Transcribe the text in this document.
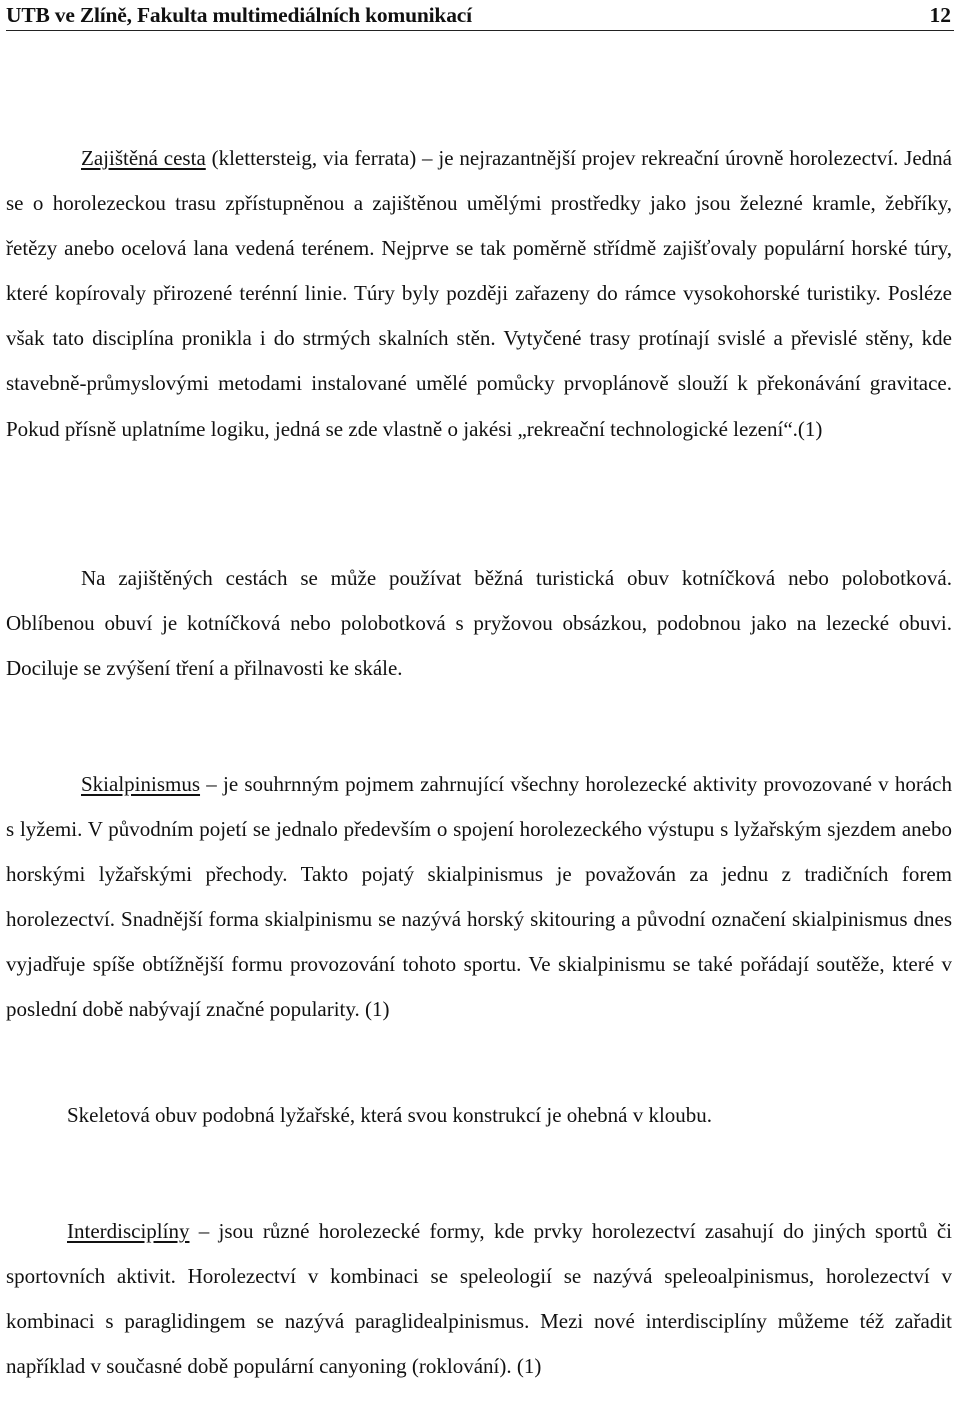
UTB ve Zlíně, Fakulta multimediálních komunikací	12

Zajištěná cesta (klettersteig, via ferrata) – je nejrazantnější projev rekreační úrovně horolezectví. Jedná se o horolezeckou trasu zpřístupněnou a zajištěnou umělými prostředky jako jsou železné kramle, žebříky, řetězy anebo ocelová lana vedená terénem. Nejprve se tak poměrně střídmě zajišťovaly populární horské túry, které kopírovaly přirozené terénní linie. Túry byly později zařazeny do rámce vysokohorské turistiky. Posléze však tato disciplína pronikla i do strmých skalních stěn. Vytyčené trasy protínají svislé a převislé stěny, kde stavebně-průmyslovými metodami instalované umělé pomůcky prvoplánově slouží k překonávání gravitace. Pokud přísně uplatníme logiku, jedná se zde vlastně o jakési „rekreační technologické lezení“.(1)

Na zajištěných cestách se může používat běžná turistická obuv kotníčková nebo polobotková. Oblíbenou obuví je kotníčková nebo polobotková s pryžovou obsázkou, podobnou jako na lezecké obuvi. Dociluje se zvýšení tření a přilnavosti ke skále.

Skialpinismus – je souhrnným pojmem zahrnující všechny horolezecké aktivity provozované v horách s lyžemi. V původním pojetí se jednalo především o spojení horolezeckého výstupu s lyžařským sjezdem anebo horskými lyžařskými přechody. Takto pojatý skialpinismus je považován za jednu z tradičních forem horolezectví. Snadnější forma skialpinismu se nazývá horský skitouring a původní označení skialpinismus dnes vyjadřuje spíše obtížnější formu provozování tohoto sportu. Ve skialpinismu se také pořádají soutěže, které v poslední době nabývají značné popularity. (1)

Skeletová obuv podobná lyžařské, která svou konstrukcí je ohebná v kloubu.

Interdisciplíny – jsou různé horolezecké formy, kde prvky horolezectví zasahují do jiných sportů či sportovních aktivit. Horolezectví v kombinaci se speleologií se nazývá speleoalpinismus, horolezectví v kombinaci s paraglidingem se nazývá paraglidealpinismus. Mezi nové interdisciplíny můžeme též zařadit například v současné době populární canyoning (roklování). (1)
